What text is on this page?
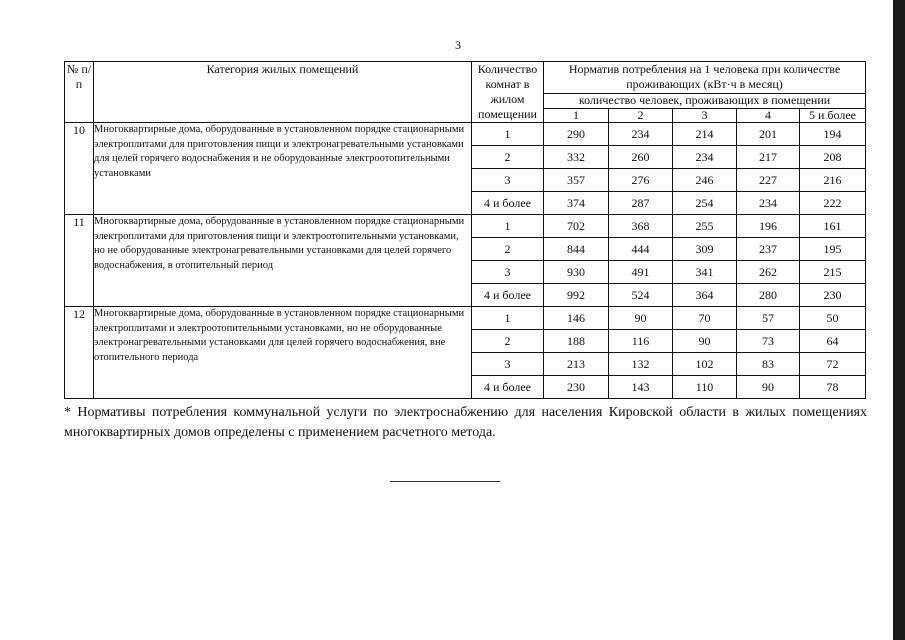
3
№ п/п	Категория жилых помещений	Количество комнат в жилом помещении	Норматив потребления на 1 человека при количестве проживающих (кВт·ч в месяц)				
			количество человек, проживающих в помещении				
			1	2	3	4	5 и более
10	Многоквартирные дома, оборудованные в установленном порядке стационарными электроплитами для приготовления пищи и электронагревательными установками для целей горячего водоснабжения и не оборудованные электроотопительными установками	1	290	234	214	201	194
		2	332	260	234	217	208
		3	357	276	246	227	216
		4 и более	374	287	254	234	222
11	Многоквартирные дома, оборудованные в установленном порядке стационарными электроплитами для приготовления пищи и электроотопительными установками, но не оборудованные электронагревательными установками для целей горячего водоснабжения, в отопительный период	1	702	368	255	196	161
		2	844	444	309	237	195
		3	930	491	341	262	215
		4 и более	992	524	364	280	230
12	Многоквартирные дома, оборудованные в установленном порядке стационарными электроплитами и электроотопительными установками, но не оборудованные электронагревательными установками для целей горячего водоснабжения, вне отопительного периода	1	146	90	70	57	50
		2	188	116	90	73	64
		3	213	132	102	83	72
		4 и более	230	143	110	90	78
* Нормативы потребления коммунальной услуги по электроснабжению для населения Кировской области в жилых помещениях многоквартирных домов определены с применением расчетного метода.
